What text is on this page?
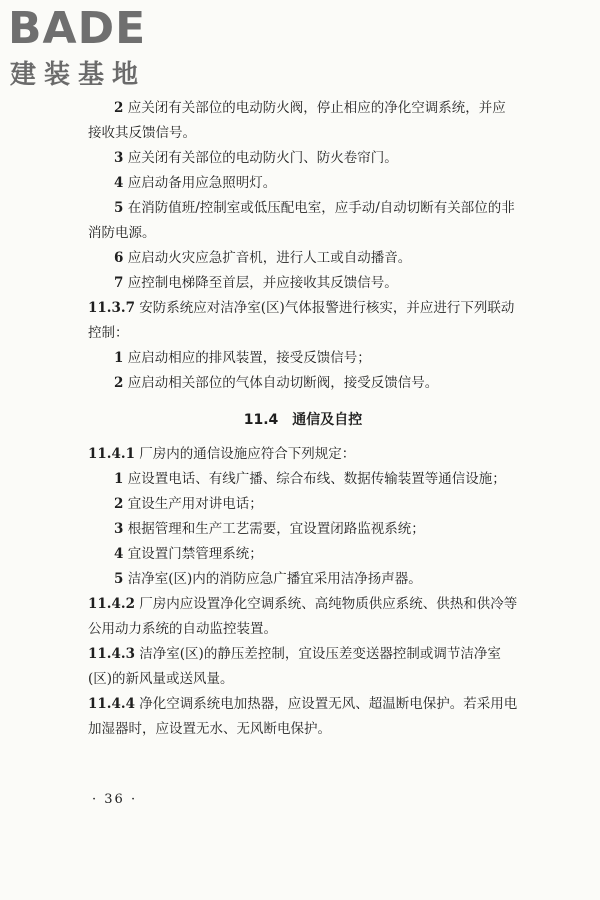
BADE
建装基地

2 应关闭有关部位的电动防火阀，停止相应的净化空调系统，并应接收其反馈信号。

3 应关闭有关部位的电动防火门、防火卷帘门。

4 应启动备用应急照明灯。

5 在消防值班/控制室或低压配电室，应手动/自动切断有关部位的非消防电源。

6 应启动火灾应急扩音机，进行人工或自动播音。

7 应控制电梯降至首层，并应接收其反馈信号。

11.3.7 安防系统应对洁净室(区)气体报警进行核实，并应进行下列联动控制：

1 应启动相应的排风装置，接受反馈信号；

2 应启动相关部位的气体自动切断阀，接受反馈信号。

11.4 通信及自控

11.4.1 厂房内的通信设施应符合下列规定：

1 应设置电话、有线广播、综合布线、数据传输装置等通信设施；

2 宜设生产用对讲电话；

3 根据管理和生产工艺需要，宜设置闭路监视系统；

4 宜设置门禁管理系统；

5 洁净室(区)内的消防应急广播宜采用洁净扬声器。

11.4.2 厂房内应设置净化空调系统、高纯物质供应系统、供热和供冷等公用动力系统的自动监控装置。

11.4.3 洁净室(区)的静压差控制，宜设压差变送器控制或调节洁净室(区)的新风量或送风量。

11.4.4 净化空调系统电加热器，应设置无风、超温断电保护。若采用电加湿器时，应设置无水、无风断电保护。

· 36 ·
